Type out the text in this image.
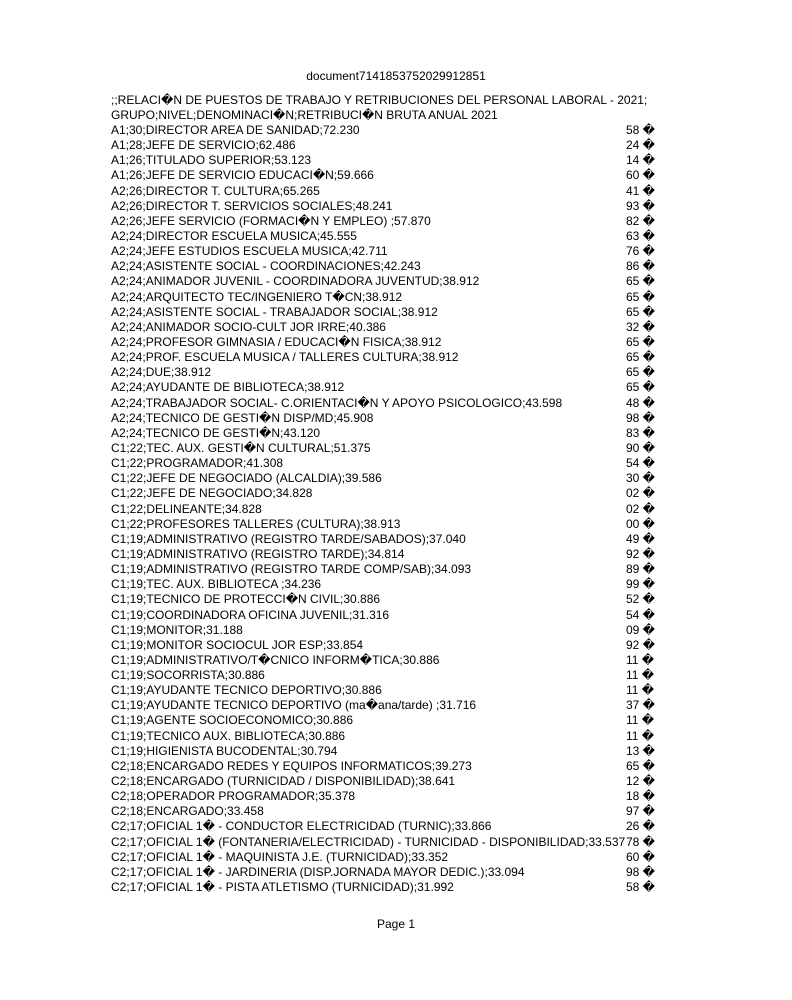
document7141853752029912851
;;RELACI�N DE PUESTOS DE TRABAJO Y RETRIBUCIONES DEL PERSONAL LABORAL - 2021;
GRUPO;NIVEL;DENOMINACI�N;RETRIBUCI�N BRUTA ANUAL 2021
A1;30;DIRECTOR AREA DE SANIDAD;72.230	58 �
A1;28;JEFE DE SERVICIO;62.486	24 �
A1;26;TITULADO SUPERIOR;53.123	14 �
A1;26;JEFE DE SERVICIO EDUCACI�N;59.666	60 �
A2;26;DIRECTOR T. CULTURA;65.265	41 �
A2;26;DIRECTOR T. SERVICIOS SOCIALES;48.241	93 �
A2;26;JEFE SERVICIO (FORMACI�N Y EMPLEO) ;57.870	82 �
A2;24;DIRECTOR ESCUELA MUSICA;45.555	63 �
A2;24;JEFE ESTUDIOS ESCUELA MUSICA;42.711	76 �
A2;24;ASISTENTE SOCIAL - COORDINACIONES;42.243	86 �
A2;24;ANIMADOR JUVENIL - COORDINADORA JUVENTUD;38.912	65 �
A2;24;ARQUITECTO TEC/INGENIERO T�CN;38.912	65 �
A2;24;ASISTENTE SOCIAL - TRABAJADOR SOCIAL;38.912	65 �
A2;24;ANIMADOR SOCIO-CULT JOR IRRE;40.386	32 �
A2;24;PROFESOR GIMNASIA / EDUCACI�N FISICA;38.912	65 �
A2;24;PROF. ESCUELA MUSICA / TALLERES CULTURA;38.912	65 �
A2;24;DUE;38.912	65 �
A2;24;AYUDANTE DE BIBLIOTECA;38.912	65 �
A2;24;TRABAJADOR SOCIAL- C.ORIENTACI�N Y APOYO PSICOLOGICO;43.598	48 �
A2;24;TECNICO DE GESTI�N DISP/MD;45.908	98 �
A2;24;TECNICO DE GESTI�N;43.120	83 �
C1;22;TEC. AUX. GESTI�N CULTURAL;51.375	90 �
C1;22;PROGRAMADOR;41.308	54 �
C1;22;JEFE DE NEGOCIADO (ALCALDIA);39.586	30 �
C1;22;JEFE DE NEGOCIADO;34.828	02 �
C1;22;DELINEANTE;34.828	02 �
C1;22;PROFESORES TALLERES (CULTURA);38.913	00 �
C1;19;ADMINISTRATIVO (REGISTRO TARDE/SABADOS);37.040	49 �
C1;19;ADMINISTRATIVO (REGISTRO TARDE);34.814	92 �
C1;19;ADMINISTRATIVO (REGISTRO TARDE COMP/SAB);34.093	89 �
C1;19;TEC. AUX. BIBLIOTECA ;34.236	99 �
C1;19;TECNICO DE PROTECCI�N CIVIL;30.886	52 �
C1;19;COORDINADORA OFICINA JUVENIL;31.316	54 �
C1;19;MONITOR;31.188	09 �
C1;19;MONITOR SOCIOCUL JOR ESP;33.854	92 �
C1;19;ADMINISTRATIVO/T�CNICO INFORM�TICA;30.886	11 �
C1;19;SOCORRISTA;30.886	11 �
C1;19;AYUDANTE TECNICO DEPORTIVO;30.886	11 �
C1;19;AYUDANTE TECNICO DEPORTIVO (ma�ana/tarde) ;31.716	37 �
C1;19;AGENTE SOCIOECONOMICO;30.886	11 �
C1;19;TECNICO AUX. BIBLIOTECA;30.886	11 �
C1;19;HIGIENISTA BUCODENTAL;30.794	13 �
C2;18;ENCARGADO REDES Y EQUIPOS INFORMATICOS;39.273	65 �
C2;18;ENCARGADO (TURNICIDAD / DISPONIBILIDAD);38.641	12 �
C2;18;OPERADOR PROGRAMADOR;35.378	18 �
C2;18;ENCARGADO;33.458	97 �
C2;17;OFICIAL 1� - CONDUCTOR ELECTRICIDAD (TURNIC);33.866	26 �
C2;17;OFICIAL 1� (FONTANERIA/ELECTRICIDAD) - TURNICIDAD - DISPONIBILIDAD;33.537 78 �
C2;17;OFICIAL 1� - MAQUINISTA J.E. (TURNICIDAD);33.352	60 �
C2;17;OFICIAL 1� - JARDINERIA (DISP.JORNADA MAYOR DEDIC.);33.094	98 �
C2;17;OFICIAL 1� - PISTA ATLETISMO (TURNICIDAD);31.992	58 �
Page 1
